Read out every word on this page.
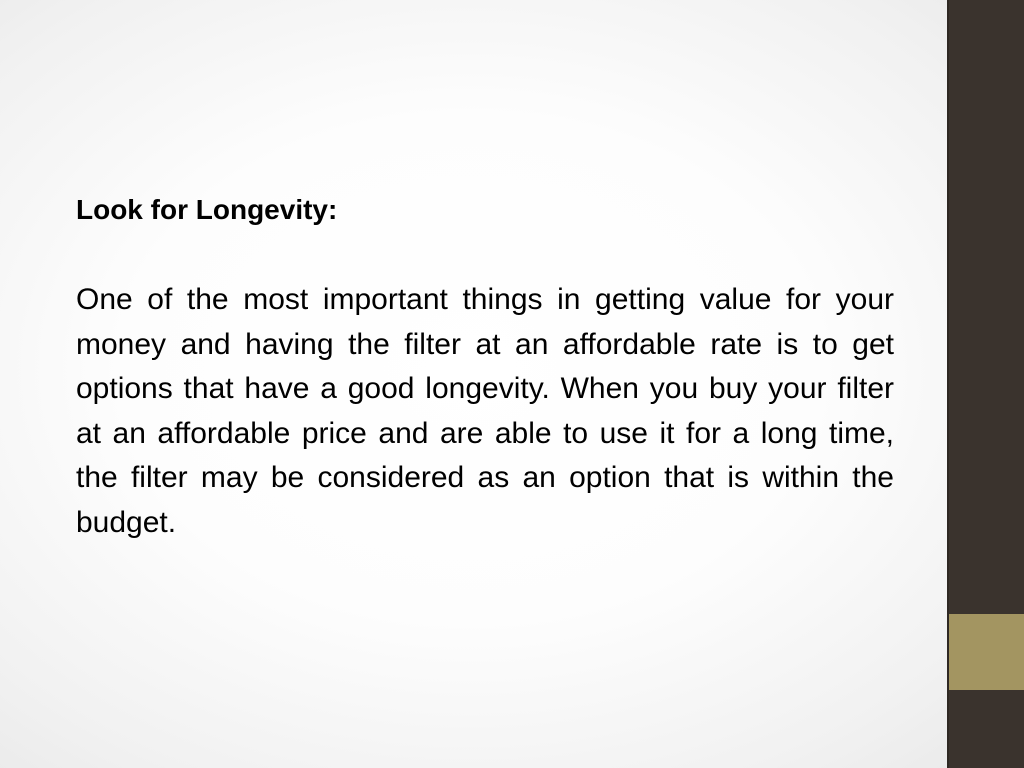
Look for Longevity:

One of the most important things in getting value for your money and having the filter at an affordable rate is to get options that have a good longevity. When you buy your filter at an affordable price and are able to use it for a long time, the filter may be considered as an option that is within the budget.
